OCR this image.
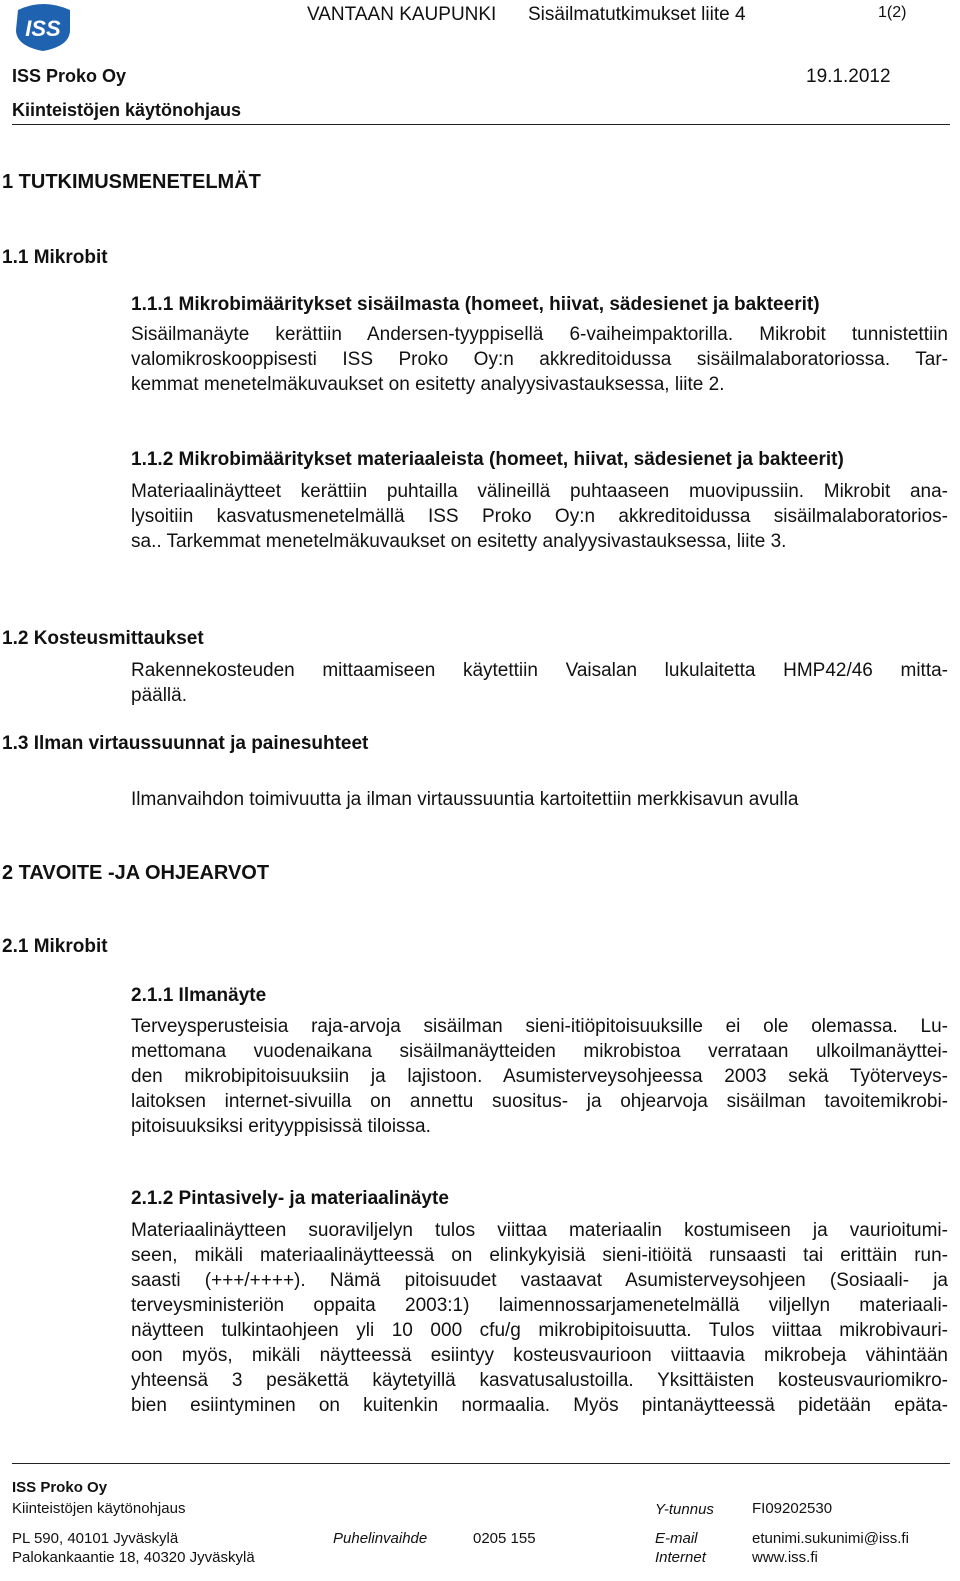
ISS
VANTAAN KAUPUNKI Sisäilmatutkimukset liite 4	1(2)
ISS Proko Oy	19.1.2012
Kiinteistöjen käytönohjaus
1 TUTKIMUSMENETELMÄT
1.1 Mikrobit
1.1.1 Mikrobimääritykset sisäilmasta (homeet, hiivat, sädesienet ja bakteerit)
Sisäilmanäyte kerättiin Andersen-tyyppisellä 6-vaiheimpaktorilla. Mikrobit tunnistettiin
valomikroskooppisesti ISS Proko Oy:n akkreditoidussa sisäilmalaboratoriossa. Tar-
kemmat menetelmäkuvaukset on esitetty analyysivastauksessa, liite 2.
1.1.2 Mikrobimääritykset materiaaleista (homeet, hiivat, sädesienet ja bakteerit)
Materiaalinäytteet kerättiin puhtailla välineillä puhtaaseen muovipussiin. Mikrobit ana-
lysoitiin kasvatusmenetelmällä ISS Proko Oy:n akkreditoidussa sisäilmalaboratorios-
sa.. Tarkemmat menetelmäkuvaukset on esitetty analyysivastauksessa, liite 3.
1.2 Kosteusmittaukset
Rakennekosteuden mittaamiseen käytettiin Vaisalan lukulaitetta HMP42/46 mitta-
päällä.
1.3 Ilman virtaussuunnat ja painesuhteet
Ilmanvaihdon toimivuutta ja ilman virtaussuuntia kartoitettiin merkkisavun avulla
2 TAVOITE -JA OHJEARVOT
2.1 Mikrobit
2.1.1 Ilmanäyte
Terveysperusteisia raja-arvoja sisäilman sieni-itiöpitoisuuksille ei ole olemassa. Lu-
mettomana vuodenaikana sisäilmanäytteiden mikrobistoa verrataan ulkoilmanäyttei-
den mikrobipitoisuuksiin ja lajistoon. Asumisterveysohjeessa 2003 sekä Työterveys-
laitoksen internet-sivuilla on annettu suositus- ja ohjearvoja sisäilman tavoitemikrobi-
pitoisuuksiksi erityyppisissä tiloissa.
2.1.2 Pintasively- ja materiaalinäyte
Materiaalinäytteen suoraviljelyn tulos viittaa materiaalin kostumiseen ja vaurioitumi-
seen, mikäli materiaalinäytteessä on elinkykyisiä sieni-itiöitä runsaasti tai erittäin run-
saasti (+++/++++). Nämä pitoisuudet vastaavat Asumisterveysohjeen (Sosiaali- ja
terveysministeriön oppaita 2003:1) laimennossarjamenetelmällä viljellyn materiaali-
näytteen tulkintaohjeen yli 10 000 cfu/g mikrobipitoisuutta. Tulos viittaa mikrobivauri-
oon myös, mikäli näytteessä esiintyy kosteusvaurioon viittaavia mikrobeja vähintään
yhteensä 3 pesäkettä käytetyillä kasvatusalustoilla. Yksittäisten kosteusvauriomikro-
bien esiintyminen on kuitenkin normaalia. Myös pintanäytteessä pidetään epäta-
ISS Proko Oy
Kiinteistöjen käytönohjaus	Y-tunnus	FI09202530
PL 590, 40101 Jyväskylä	Puhelinvaihde	0205 155	E-mail	etunimi.sukunimi@iss.fi
Palokankaantie 18, 40320 Jyväskylä	Internet	www.iss.fi
